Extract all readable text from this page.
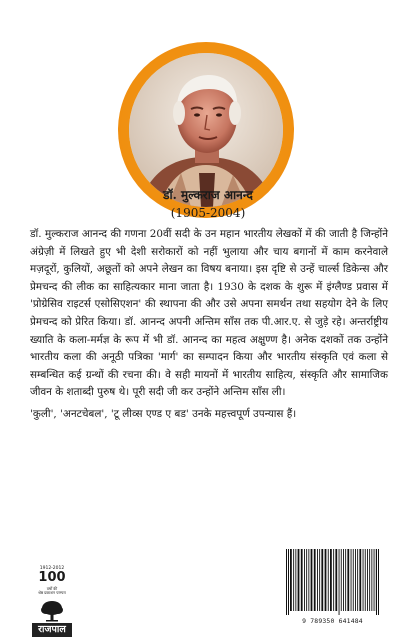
डॉ. मुल्कराज आनन्द
(1905-2004)

डॉ. मुल्कराज आनन्द की गणना 20वीं सदी के उन महान भारतीय लेखकों में की जाती है जिन्होंने अंग्रेज़ी में लिखते हुए भी देशी सरोकारों को नहीं भुलाया और चाय बगानों में काम करनेवाले मज़दूरों, कुलियों, अछूतों को अपने लेखन का विषय बनाया। इस दृष्टि से उन्हें चार्ल्स डिकेन्स और प्रेमचन्द की लीक का साहित्यकार माना जाता है। 1930 के दशक के शुरू में इंग्लैण्ड प्रवास में 'प्रोग्रेसिव राइटर्स एसोसिएशन' की स्थापना की और उसे अपना समर्थन तथा सहयोग देने के लिए प्रेमचन्द को प्रेरित किया। डॉ. आनन्द अपनी अन्तिम साँस तक पी.आर.ए. से जुड़े रहे। अन्तर्राष्ट्रीय ख्याति के कला-मर्मज्ञ के रूप में भी डॉ. आनन्द का महत्व अक्षुण्ण है। अनेक दशकों तक उन्होंने भारतीय कला की अनूठी पत्रिका 'मार्ग' का सम्पादन किया और भारतीय संस्कृति एवं कला से सम्बन्धित कई ग्रन्थों की रचना की। वे सही मायनों में भारतीय साहित्य, संस्कृति और सामाजिक जीवन के शताब्दी पुरुष थे। पूरी सदी जी कर उन्होंने अन्तिम साँस ली।

'कुली', 'अनटचेबल', 'टू लीव्स एण्ड ए बड' उनके महत्त्वपूर्ण उपन्यास हैं।

1912-2012
100
वर्षों की
श्रेष्ठ प्रकाशन परम्परा
राजपाल
9 789350 641484
